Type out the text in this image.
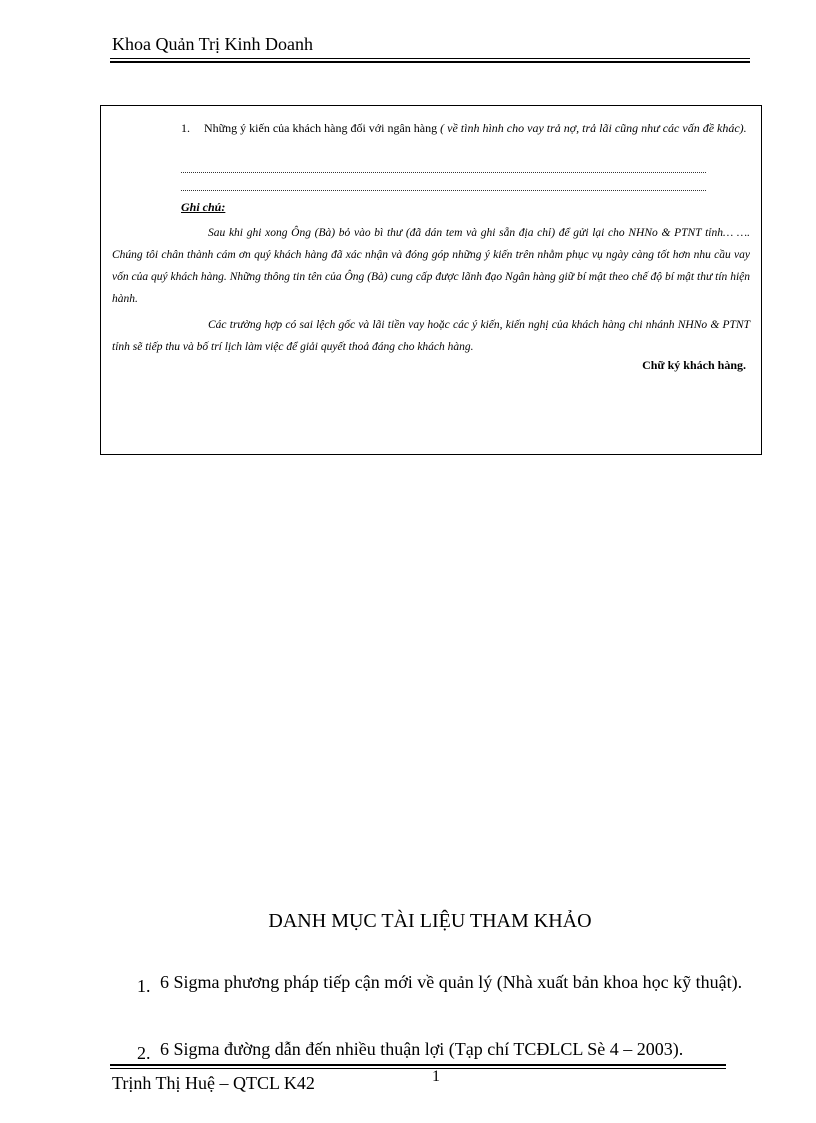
Khoa Quản Trị Kinh Doanh
1. Những ý kiến của khách hàng đối với ngân hàng ( về tình hình cho vay trả nợ, trả lãi cũng như các vấn đề khác).
Ghi chú:
Sau khi ghi xong Ông (Bà) bỏ vào bì thư (đã dán tem và ghi sẵn địa chỉ) để gửi lại cho NHNo & PTNT tỉnh… …. Chúng tôi chân thành cám ơn quý khách hàng đã xác nhận và đóng góp những ý kiến trên nhằm phục vụ ngày càng tốt hơn nhu cầu vay vốn của quý khách hàng. Những thông tin tên của Ông (Bà) cung cấp được lãnh đạo Ngân hàng giữ bí mật theo chế độ bí mật thư tín hiện hành.
Các trường hợp có sai lệch gốc và lãi tiền vay hoặc các ý kiến, kiến nghị của khách hàng chi nhánh NHNo & PTNT tỉnh sẽ tiếp thu và bố trí lịch làm việc để giải quyết thoả đáng cho khách hàng.
Chữ ký khách hàng.
DANH MỤC TÀI LIỆU THAM KHẢO
1. 6 Sigma phương pháp tiếp cận mới về quản lý (Nhà xuất bản khoa học kỹ thuật).
2. 6 Sigma đường dẫn đến nhiều thuận lợi (Tạp chí TCĐLCL Sè 4 – 2003).
Trịnh Thị Huệ – QTCL K42	1
